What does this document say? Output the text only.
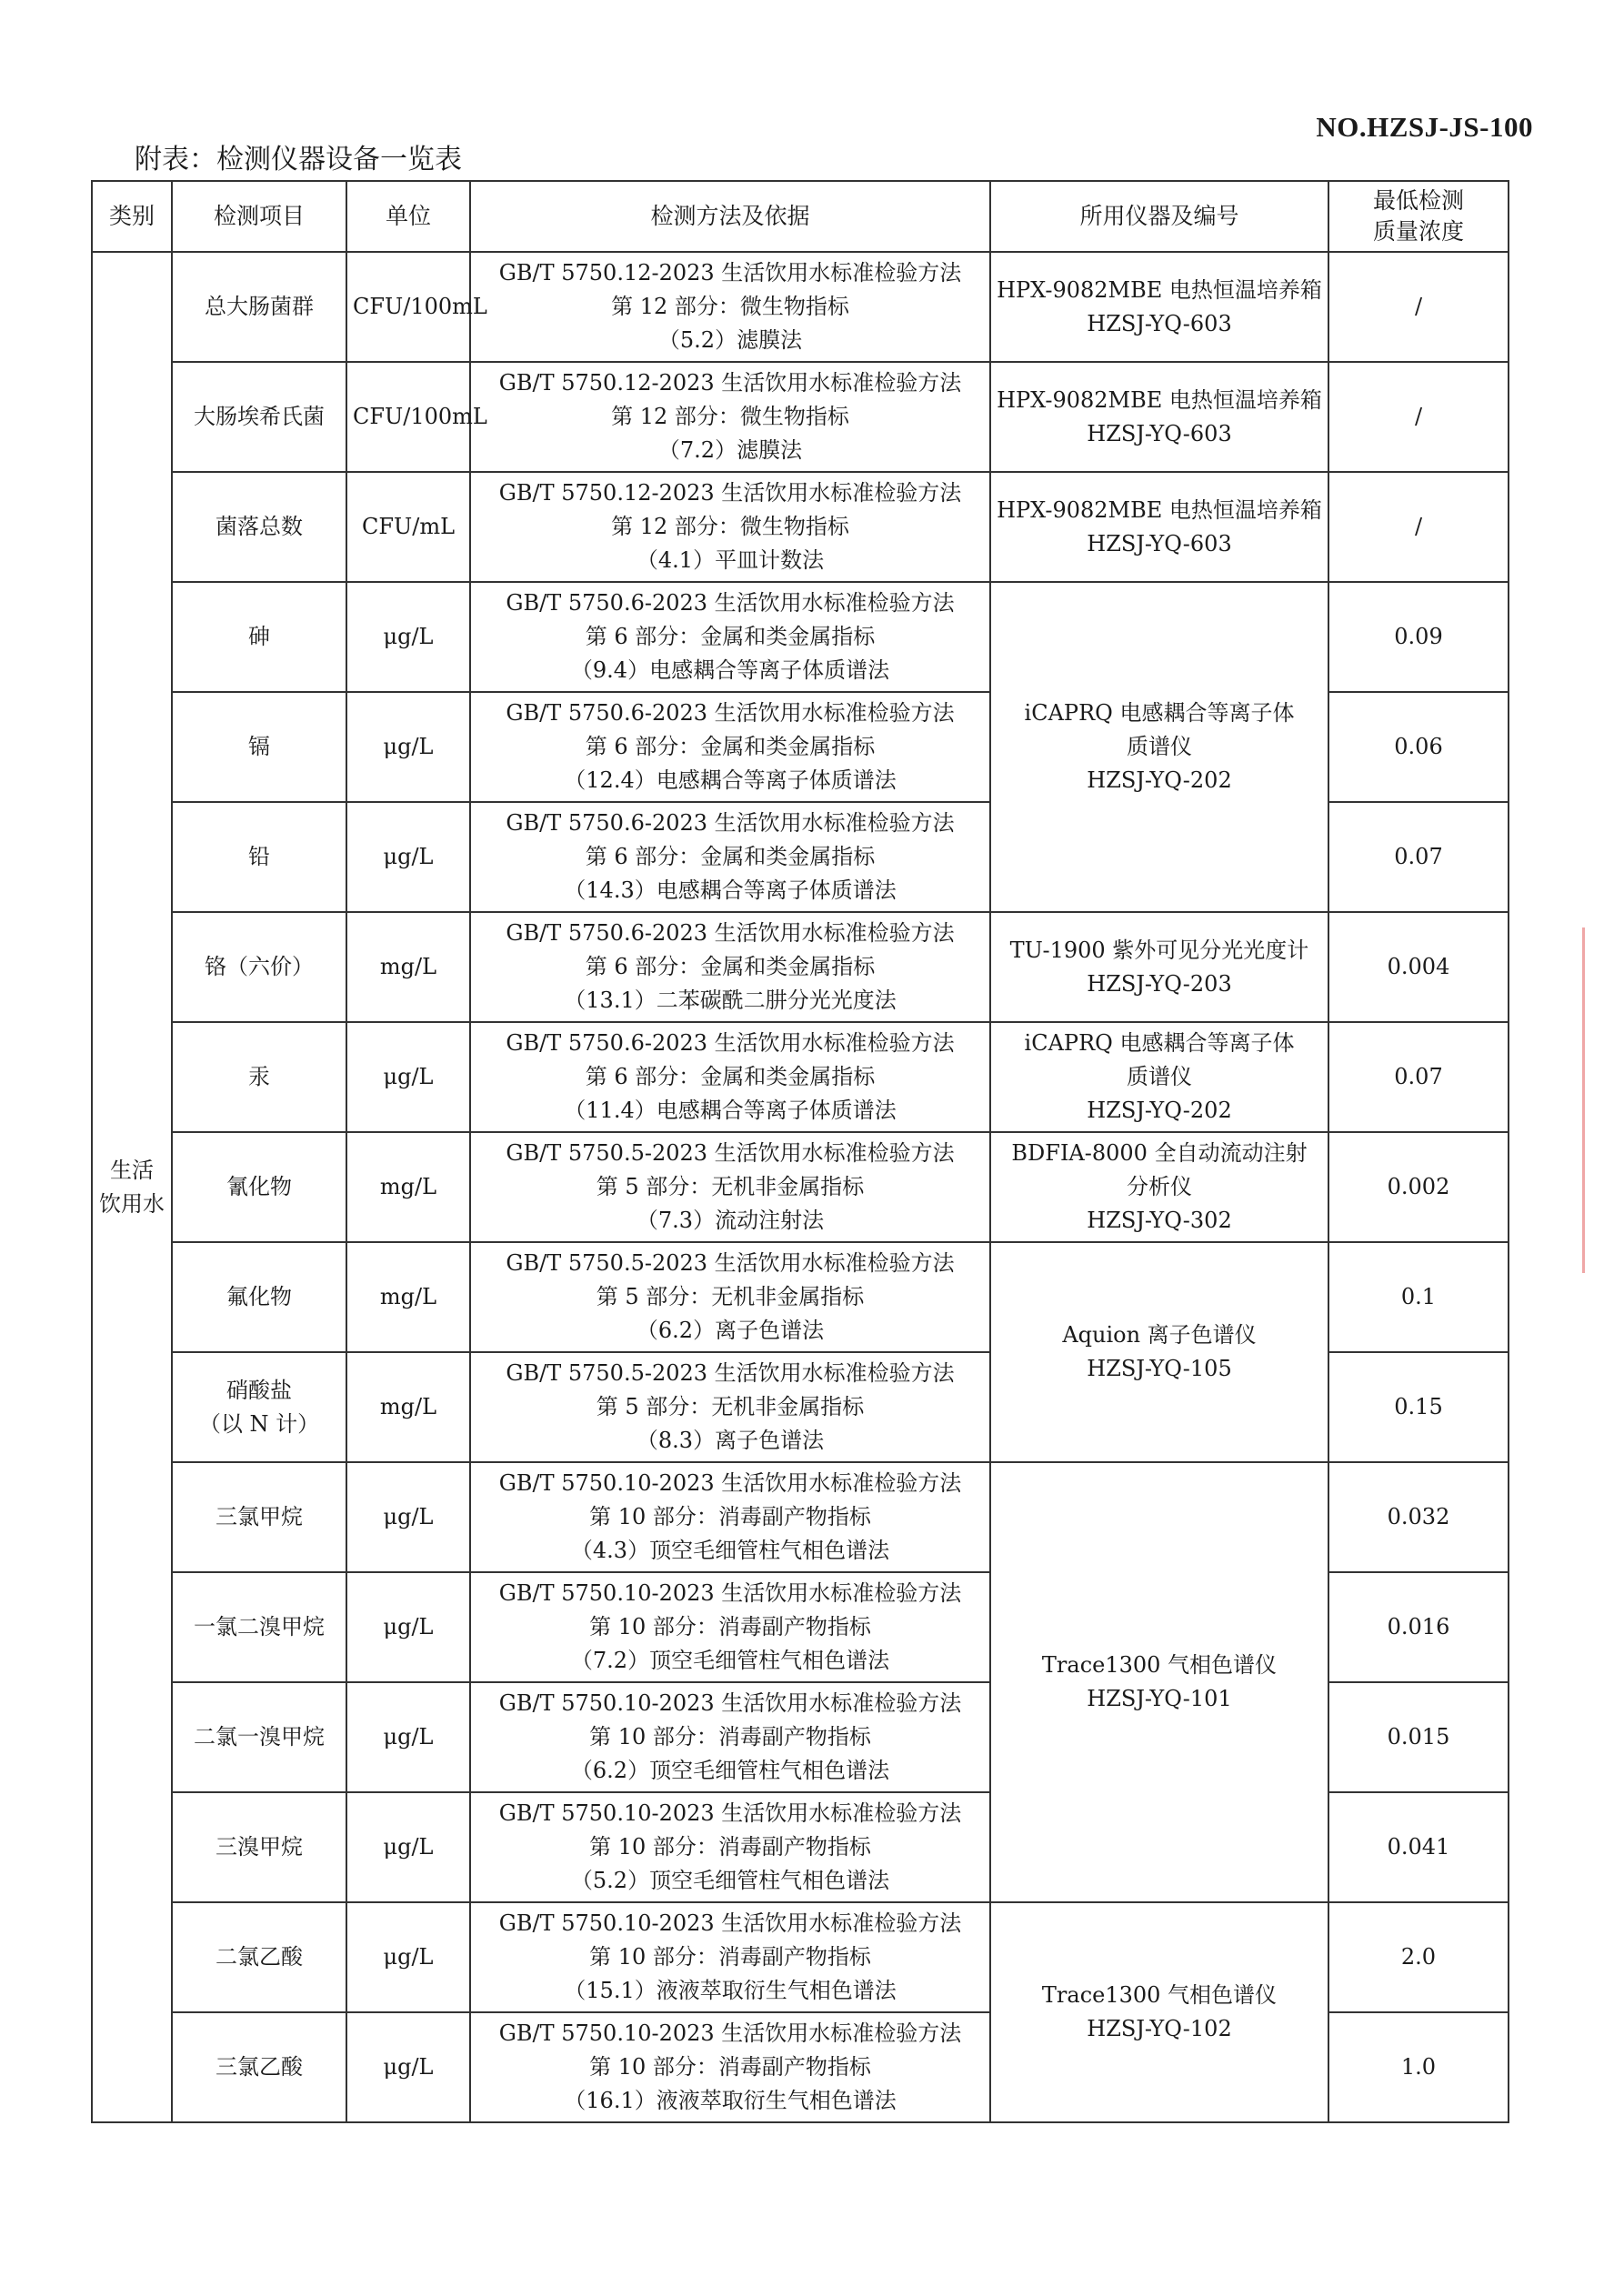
NO.HZSJ-JS-100
附表：检测仪器设备一览表
类别	检测项目	单位	检测方法及依据	所用仪器及编号	最低检测
质量浓度

生活
饮用水	总大肠菌群	CFU/100mL	GB/T 5750.12-2023 生活饮用水标准检验方法
第 12 部分：微生物指标
（5.2）滤膜法	HPX-9082MBE 电热恒温培养箱
HZSJ-YQ-603	/

	大肠埃希氏菌	CFU/100mL	GB/T 5750.12-2023 生活饮用水标准检验方法
第 12 部分：微生物指标
（7.2）滤膜法	HPX-9082MBE 电热恒温培养箱
HZSJ-YQ-603	/

	菌落总数	CFU/mL	GB/T 5750.12-2023 生活饮用水标准检验方法
第 12 部分：微生物指标
（4.1）平皿计数法	HPX-9082MBE 电热恒温培养箱
HZSJ-YQ-603	/

	砷	μg/L	GB/T 5750.6-2023 生活饮用水标准检验方法
第 6 部分：金属和类金属指标
（9.4）电感耦合等离子体质谱法	iCAPRQ 电感耦合等离子体
质谱仪
HZSJ-YQ-202	0.09

	镉	μg/L	GB/T 5750.6-2023 生活饮用水标准检验方法
第 6 部分：金属和类金属指标
（12.4）电感耦合等离子体质谱法		0.06

	铅	μg/L	GB/T 5750.6-2023 生活饮用水标准检验方法
第 6 部分：金属和类金属指标
（14.3）电感耦合等离子体质谱法		0.07

	铬（六价）	mg/L	GB/T 5750.6-2023 生活饮用水标准检验方法
第 6 部分：金属和类金属指标
（13.1）二苯碳酰二肼分光光度法	TU-1900 紫外可见分光光度计
HZSJ-YQ-203	0.004

	汞	μg/L	GB/T 5750.6-2023 生活饮用水标准检验方法
第 6 部分：金属和类金属指标
（11.4）电感耦合等离子体质谱法	iCAPRQ 电感耦合等离子体
质谱仪
HZSJ-YQ-202	0.07

	氰化物	mg/L	GB/T 5750.5-2023 生活饮用水标准检验方法
第 5 部分：无机非金属指标
（7.3）流动注射法	BDFIA-8000 全自动流动注射
分析仪
HZSJ-YQ-302	0.002

	氟化物	mg/L	GB/T 5750.5-2023 生活饮用水标准检验方法
第 5 部分：无机非金属指标
（6.2）离子色谱法	Aquion 离子色谱仪
HZSJ-YQ-105	0.1

	硝酸盐
（以 N 计）	mg/L	GB/T 5750.5-2023 生活饮用水标准检验方法
第 5 部分：无机非金属指标
（8.3）离子色谱法		0.15

	三氯甲烷	μg/L	GB/T 5750.10-2023 生活饮用水标准检验方法
第 10 部分：消毒副产物指标
（4.3）顶空毛细管柱气相色谱法	Trace1300 气相色谱仪
HZSJ-YQ-101	0.032

	一氯二溴甲烷	μg/L	GB/T 5750.10-2023 生活饮用水标准检验方法
第 10 部分：消毒副产物指标
（7.2）顶空毛细管柱气相色谱法		0.016

	二氯一溴甲烷	μg/L	GB/T 5750.10-2023 生活饮用水标准检验方法
第 10 部分：消毒副产物指标
（6.2）顶空毛细管柱气相色谱法		0.015

	三溴甲烷	μg/L	GB/T 5750.10-2023 生活饮用水标准检验方法
第 10 部分：消毒副产物指标
（5.2）顶空毛细管柱气相色谱法		0.041

	二氯乙酸	μg/L	GB/T 5750.10-2023 生活饮用水标准检验方法
第 10 部分：消毒副产物指标
（15.1）液液萃取衍生气相色谱法	Trace1300 气相色谱仪
HZSJ-YQ-102	2.0

	三氯乙酸	μg/L	GB/T 5750.10-2023 生活饮用水标准检验方法
第 10 部分：消毒副产物指标
（16.1）液液萃取衍生气相色谱法		1.0
